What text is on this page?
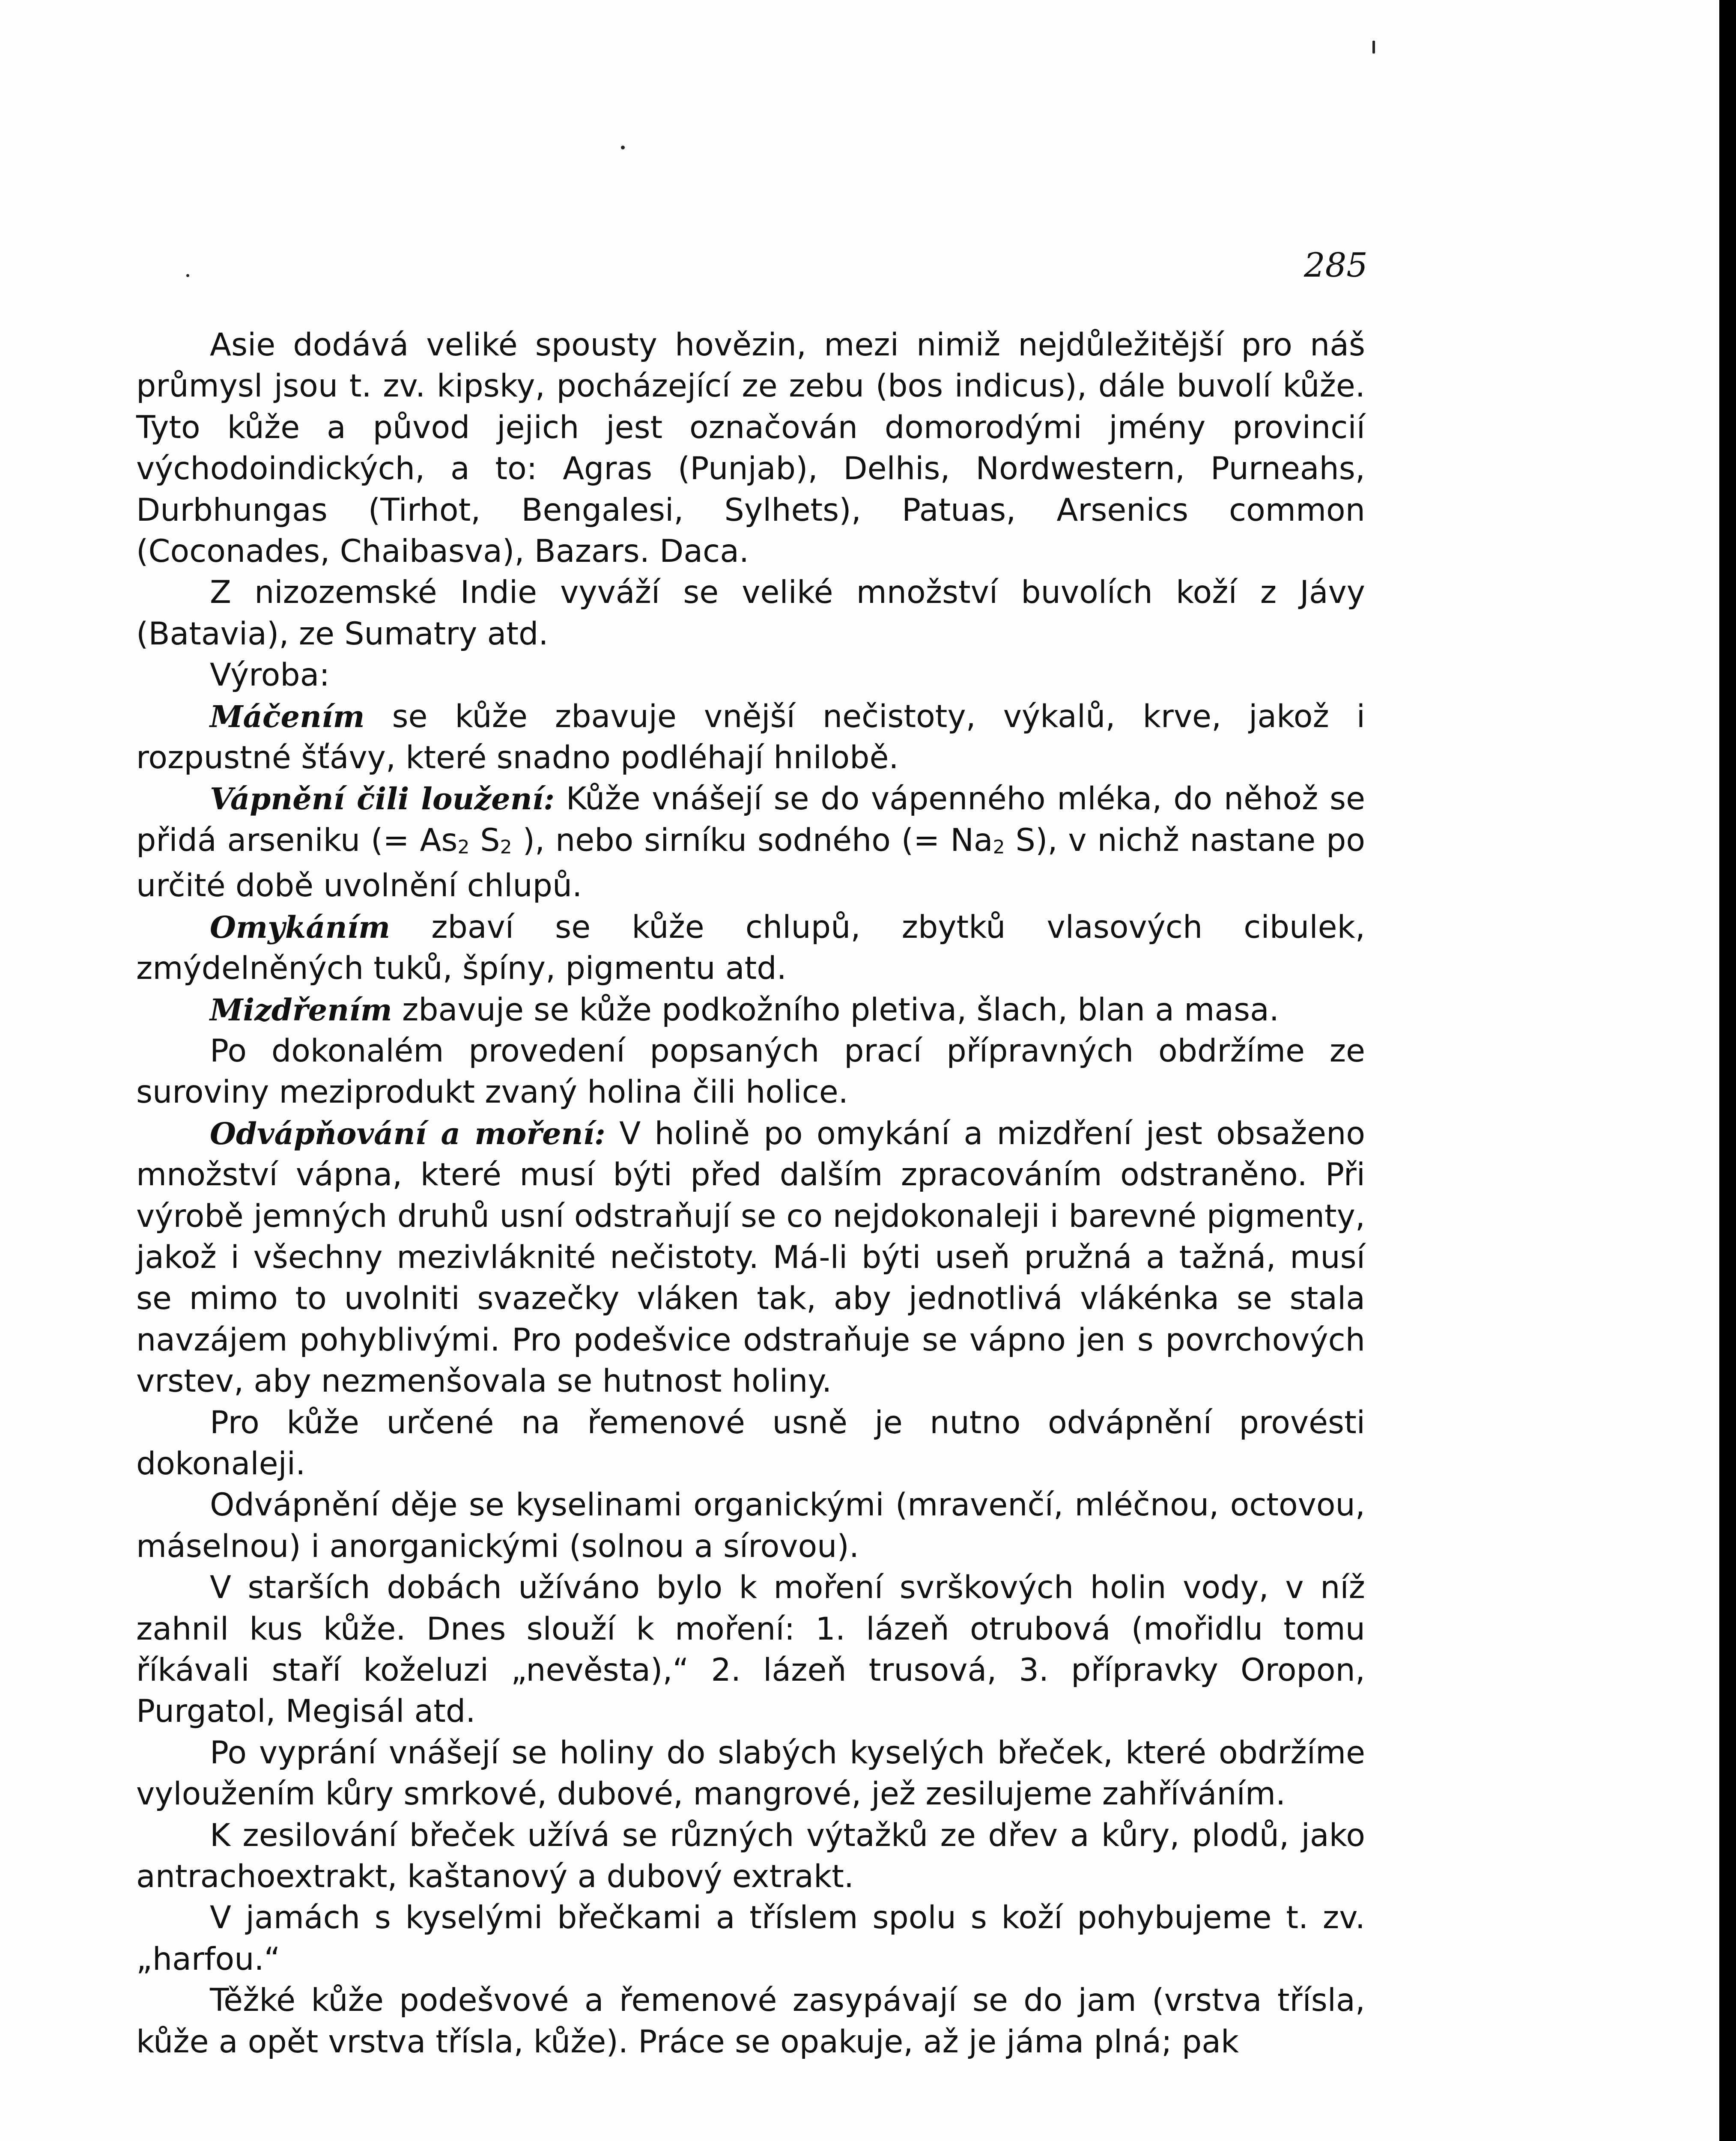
285

Asie dodává veliké spousty hovězin, mezi nimiž nejdůležitější pro náš průmysl jsou t. zv. kipsky, pocházející ze zebu (bos indicus), dále buvolí kůže. Tyto kůže a původ jejich jest označován domorodými jmény provincií východoindických, a to: Agras (Punjab), Delhis, Nordwestern, Purneahs, Durbhungas (Tirhot, Bengalesi, Sylhets), Patuas, Arsenics common (Coconades, Chaibasva), Bazars. Daca.

Z nizozemské Indie vyváží se veliké množství buvolích koží z Jávy (Batavia), ze Sumatry atd.

Výroba:

Máčením se kůže zbavuje vnější nečistoty, výkalů, krve, jakož i rozpustné šťávy, které snadno podléhají hnilobě.

Vápnění čili loužení: Kůže vnášejí se do vápenného mléka, do něhož se přidá arseniku (= $As_2$ $S_2$ ), nebo sirníku sodného (= $Na_2$ S), v nichž nastane po určité době uvolnění chlupů.

Omykáním zbaví se kůže chlupů, zbytků vlasových cibulek, zmýdelněných tuků, špíny, pigmentu atd.

Mizdřením zbavuje se kůže podkožního pletiva, šlach, blan a masa.

Po dokonalém provedení popsaných prací přípravných obdržíme ze suroviny meziprodukt zvaný holina čili holice.

Odvápňování a moření: V holině po omykání a mizdření jest obsaženo množství vápna, které musí býti před dalším zpracováním odstraněno. Při výrobě jemných druhů usní odstraňují se co nejdokonaleji i barevné pigmenty, jakož i všechny mezivláknité nečistoty. Má-li býti useň pružná a tažná, musí se mimo to uvolniti svazečky vláken tak, aby jednotlivá vlákénka se stala navzájem pohyblivými. Pro podešvice odstraňuje se vápno jen s povrchových vrstev, aby nezmenšovala se hutnost holiny.

Pro kůže určené na řemenové usně je nutno odvápnění provésti dokonaleji.

Odvápnění děje se kyselinami organickými (mravenčí, mléčnou, octovou, máselnou) i anorganickými (solnou a sírovou).

V starších dobách užíváno bylo k moření svrškových holin vody, v níž zahnil kus kůže. Dnes slouží k moření: 1. lázeň otrubová (mořidlu tomu říkávali staří koželuzi „nevěsta),“ 2. lázeň trusová, 3. přípravky Oropon, Purgatol, Megisál atd.

Po vyprání vnášejí se holiny do slabých kyselých břeček, které obdržíme vyloužením kůry smrkové, dubové, mangrové, jež zesilujeme zahříváním.

K zesilování břeček užívá se různých výtažků ze dřev a kůry, plodů, jako antrachoextrakt, kaštanový a dubový extrakt.

V jamách s kyselými břečkami a tříslem spolu s koží pohybujeme t. zv. „harfou.“

Těžké kůže podešvové a řemenové zasypávají se do jam (vrstva třísla, kůže a opět vrstva třísla, kůže). Práce se opakuje, až je jáma plná; pak
